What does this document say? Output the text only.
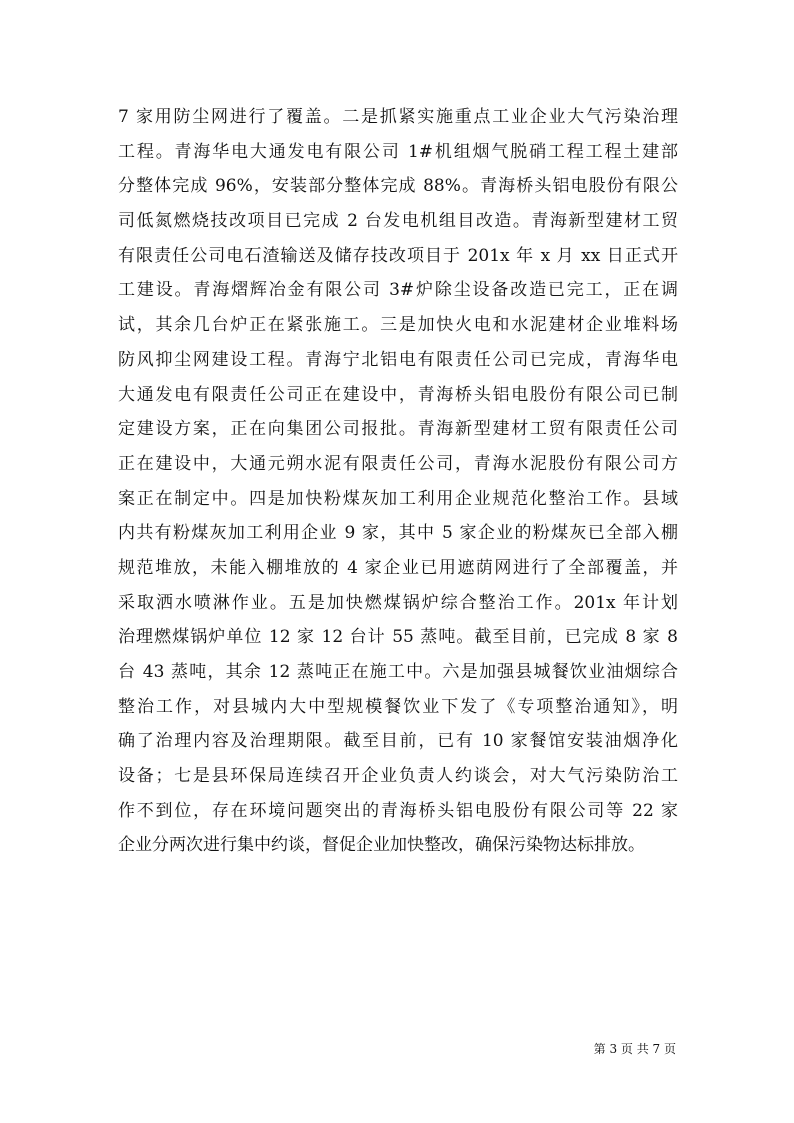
7 家用防尘网进行了覆盖。二是抓紧实施重点工业企业大气污染治理
工程。青海华电大通发电有限公司 1#机组烟气脱硝工程工程土建部
分整体完成 96%，安装部分整体完成 88%。青海桥头铝电股份有限公
司低氮燃烧技改项目已完成 2 台发电机组目改造。青海新型建材工贸
有限责任公司电石渣输送及储存技改项目于 201x 年 x 月 xx 日正式开
工建设。青海熠辉冶金有限公司 3#炉除尘设备改造已完工，正在调
试，其余几台炉正在紧张施工。三是加快火电和水泥建材企业堆料场
防风抑尘网建设工程。青海宁北铝电有限责任公司已完成，青海华电
大通发电有限责任公司正在建设中，青海桥头铝电股份有限公司已制
定建设方案，正在向集团公司报批。青海新型建材工贸有限责任公司
正在建设中，大通元朔水泥有限责任公司，青海水泥股份有限公司方
案正在制定中。四是加快粉煤灰加工利用企业规范化整治工作。县域
内共有粉煤灰加工利用企业 9 家，其中 5 家企业的粉煤灰已全部入棚
规范堆放，未能入棚堆放的 4 家企业已用遮荫网进行了全部覆盖，并
采取洒水喷淋作业。五是加快燃煤锅炉综合整治工作。201x 年计划
治理燃煤锅炉单位 12 家 12 台计 55 蒸吨。截至目前，已完成 8 家 8
台 43 蒸吨，其余 12 蒸吨正在施工中。六是加强县城餐饮业油烟综合
整治工作，对县城内大中型规模餐饮业下发了《专项整治通知》，明
确了治理内容及治理期限。截至目前，已有 10 家餐馆安装油烟净化
设备；七是县环保局连续召开企业负责人约谈会，对大气污染防治工
作不到位，存在环境问题突出的青海桥头铝电股份有限公司等 22 家
企业分两次进行集中约谈，督促企业加快整改，确保污染物达标排放。
第 3 页 共 7 页
